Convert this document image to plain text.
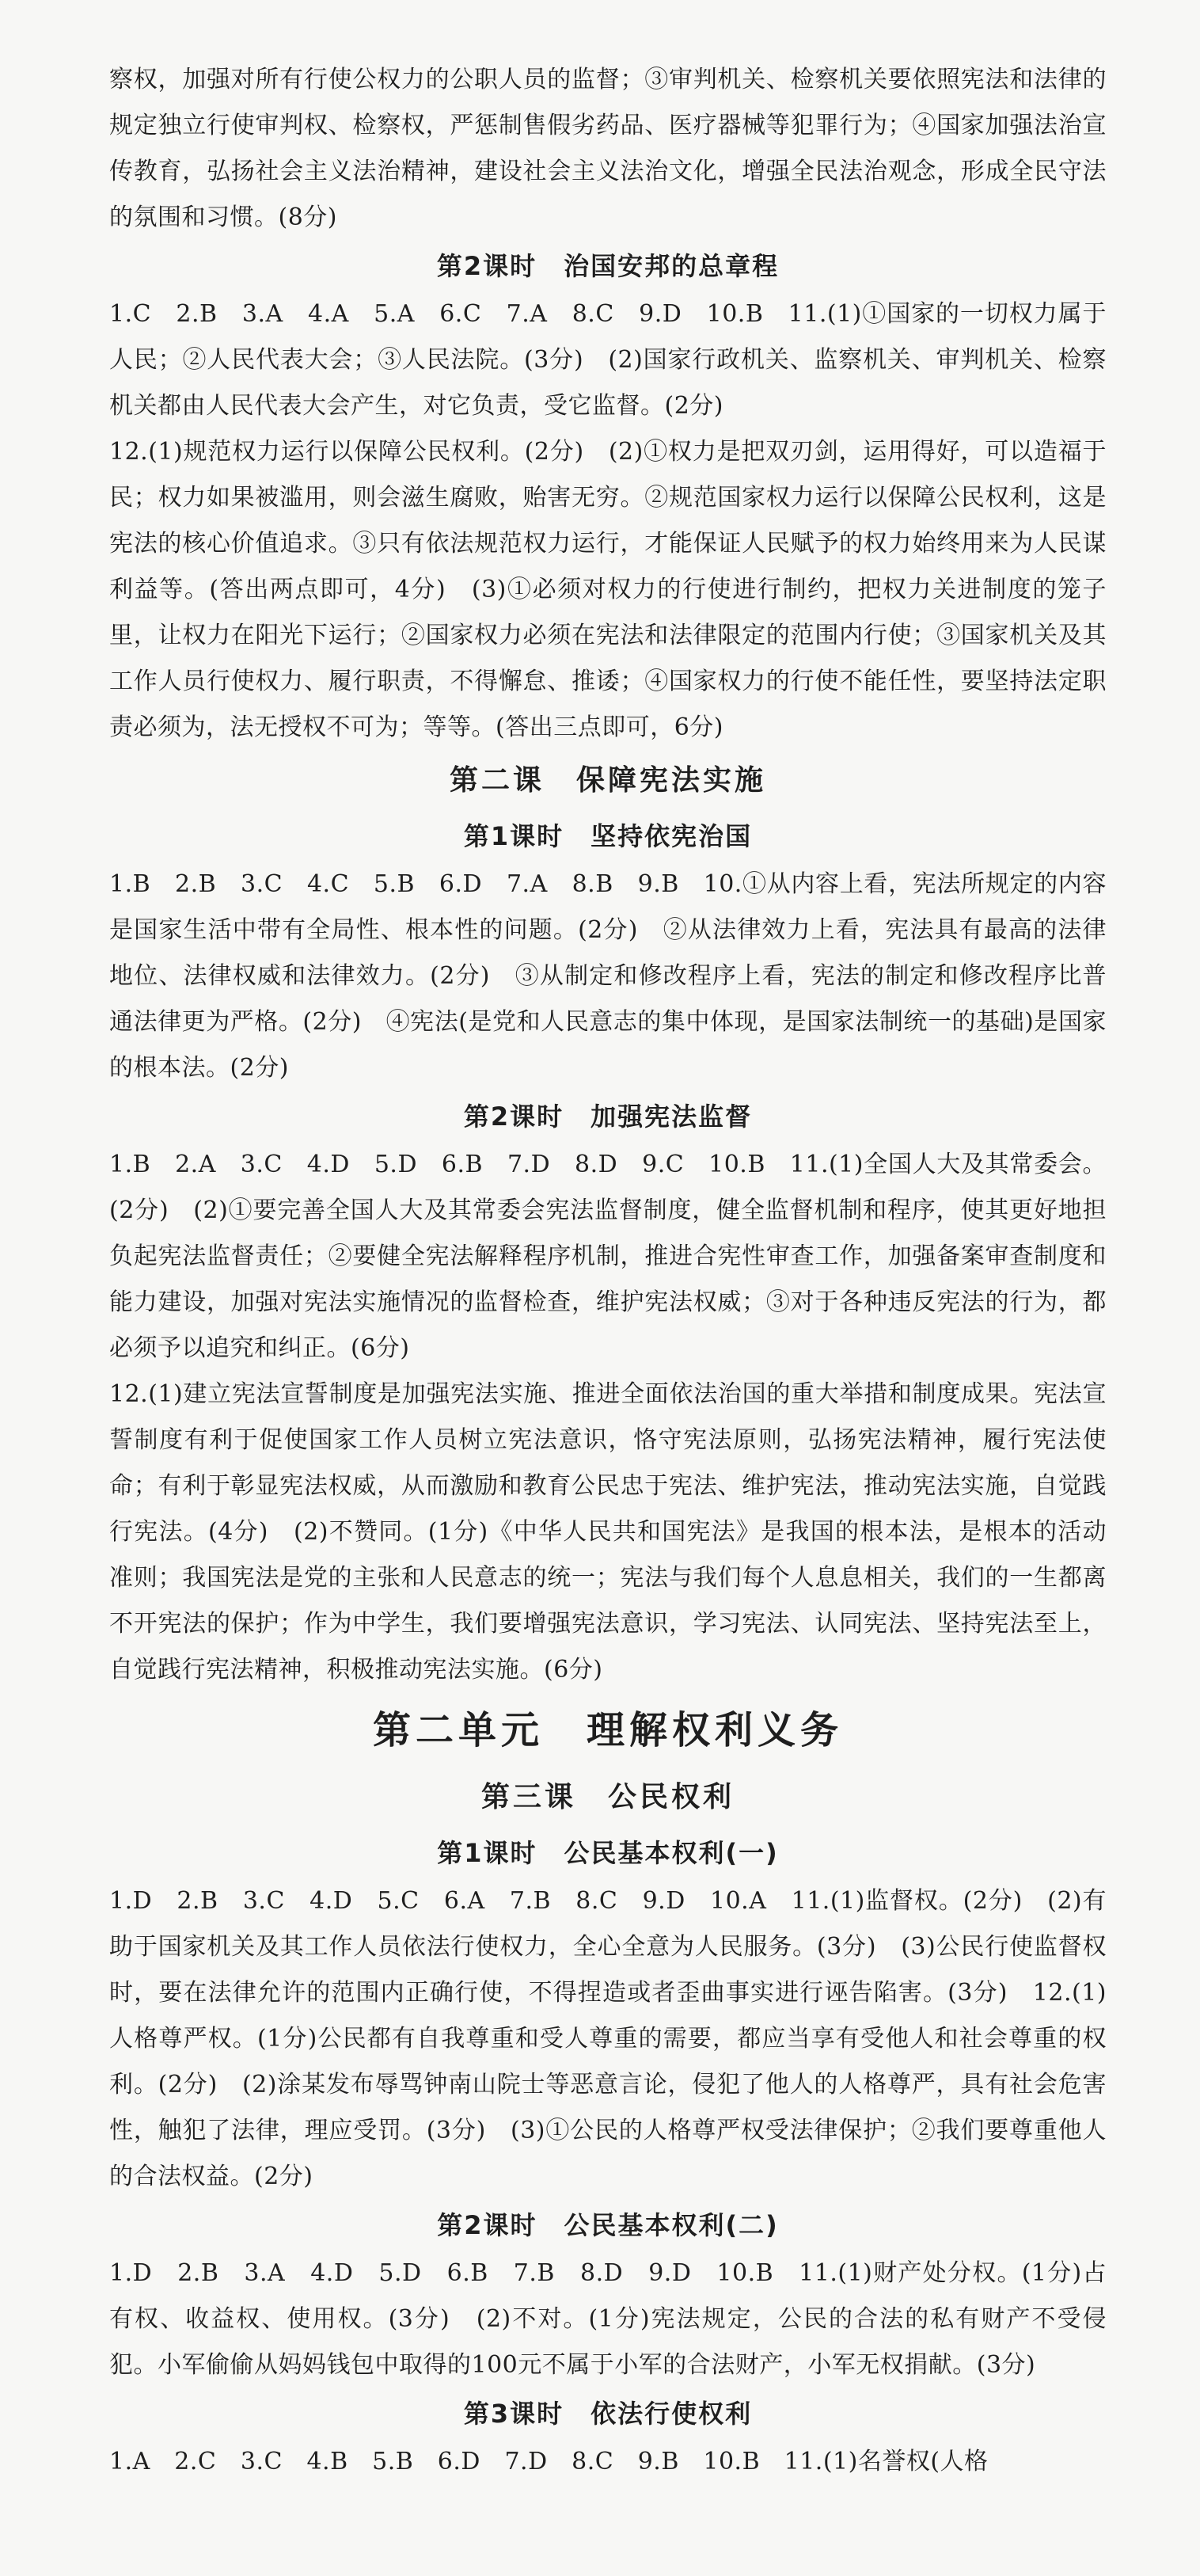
察权，加强对所有行使公权力的公职人员的监督；③审判机关、检察机关要依照宪法和法律的规定独立行使审判权、检察权，严惩制售假劣药品、医疗器械等犯罪行为；④国家加强法治宣传教育，弘扬社会主义法治精神，建设社会主义法治文化，增强全民法治观念，形成全民守法的氛围和习惯。(8分)

第2课时　治国安邦的总章程

1.C　2.B　3.A　4.A　5.A　6.C　7.A　8.C　9.D　10.B　11.(1)①国家的一切权力属于人民；②人民代表大会；③人民法院。(3分)　(2)国家行政机关、监察机关、审判机关、检察机关都由人民代表大会产生，对它负责，受它监督。(2分)

12.(1)规范权力运行以保障公民权利。(2分)　(2)①权力是把双刃剑，运用得好，可以造福于民；权力如果被滥用，则会滋生腐败，贻害无穷。②规范国家权力运行以保障公民权利，这是宪法的核心价值追求。③只有依法规范权力运行，才能保证人民赋予的权力始终用来为人民谋利益等。(答出两点即可，4分)　(3)①必须对权力的行使进行制约，把权力关进制度的笼子里，让权力在阳光下运行；②国家权力必须在宪法和法律限定的范围内行使；③国家机关及其工作人员行使权力、履行职责，不得懈怠、推诿；④国家权力的行使不能任性，要坚持法定职责必须为，法无授权不可为；等等。(答出三点即可，6分)

第二课　保障宪法实施
第1课时　坚持依宪治国

1.B　2.B　3.C　4.C　5.B　6.D　7.A　8.B　9.B　10.①从内容上看，宪法所规定的内容是国家生活中带有全局性、根本性的问题。(2分)　②从法律效力上看，宪法具有最高的法律地位、法律权威和法律效力。(2分)　③从制定和修改程序上看，宪法的制定和修改程序比普通法律更为严格。(2分)　④宪法(是党和人民意志的集中体现，是国家法制统一的基础)是国家的根本法。(2分)

第2课时　加强宪法监督

1.B　2.A　3.C　4.D　5.D　6.B　7.D　8.D　9.C　10.B　11.(1)全国人大及其常委会。(2分)　(2)①要完善全国人大及其常委会宪法监督制度，健全监督机制和程序，使其更好地担负起宪法监督责任；②要健全宪法解释程序机制，推进合宪性审查工作，加强备案审查制度和能力建设，加强对宪法实施情况的监督检查，维护宪法权威；③对于各种违反宪法的行为，都必须予以追究和纠正。(6分)

12.(1)建立宪法宣誓制度是加强宪法实施、推进全面依法治国的重大举措和制度成果。宪法宣誓制度有利于促使国家工作人员树立宪法意识，恪守宪法原则，弘扬宪法精神，履行宪法使命；有利于彰显宪法权威，从而激励和教育公民忠于宪法、维护宪法，推动宪法实施，自觉践行宪法。(4分)　(2)不赞同。(1分)《中华人民共和国宪法》是我国的根本法，是根本的活动准则；我国宪法是党的主张和人民意志的统一；宪法与我们每个人息息相关，我们的一生都离不开宪法的保护；作为中学生，我们要增强宪法意识，学习宪法、认同宪法、坚持宪法至上，自觉践行宪法精神，积极推动宪法实施。(6分)

第二单元　理解权利义务
第三课　公民权利
第1课时　公民基本权利(一)

1.D　2.B　3.C　4.D　5.C　6.A　7.B　8.C　9.D　10.A　11.(1)监督权。(2分)　(2)有助于国家机关及其工作人员依法行使权力，全心全意为人民服务。(3分)　(3)公民行使监督权时，要在法律允许的范围内正确行使，不得捏造或者歪曲事实进行诬告陷害。(3分)　12.(1)人格尊严权。(1分)公民都有自我尊重和受人尊重的需要，都应当享有受他人和社会尊重的权利。(2分)　(2)涂某发布辱骂钟南山院士等恶意言论，侵犯了他人的人格尊严，具有社会危害性，触犯了法律，理应受罚。(3分)　(3)①公民的人格尊严权受法律保护；②我们要尊重他人的合法权益。(2分)

第2课时　公民基本权利(二)

1.D　2.B　3.A　4.D　5.D　6.B　7.B　8.D　9.D　10.B　11.(1)财产处分权。(1分)占有权、收益权、使用权。(3分)　(2)不对。(1分)宪法规定，公民的合法的私有财产不受侵犯。小军偷偷从妈妈钱包中取得的100元不属于小军的合法财产，小军无权捐献。(3分)

第3课时　依法行使权利

1.A　2.C　3.C　4.B　5.B　6.D　7.D　8.C　9.B　10.B　11.(1)名誉权(人格
